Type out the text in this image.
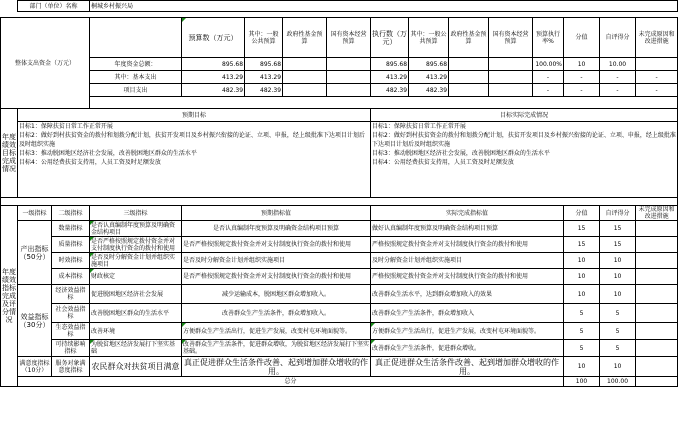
	部门（单位）名称		桐城乡村振兴局												

整体支出资金（万元）				预算数（万元）	其中：一般公共预算	政府性基金预算	国有资本经营预算	执行数（万元）	其中：一般公共预算	政府性基金预算	国有资本经营预算	预算执行率%	分值	自评得分	未完成原因和改进措施
			年度资金总额：	895.68	895.68			895.68	895.68			100.00%	10	10.00	
			其中：基本支出	413.29	413.29			413.29	413.29			-	-	-	-
			项目支出	482.39	482.39			482.39	482.39			-	-	-	-

年度绩效目标完成情况	预期目标							目标实际完成情况							
	目标1：保障扶贫日常工作正常开展
目标2：做好到村扶贫资金的拨付和划拨分配计划，扶贫开发项目及乡村振兴衔接的论证、立项、申报，经上级批准下达项目计划后及时组织实施
目标3：推动脱困地区经济社会发展，改善脱困地区群众的生活水平
目标4：公用经费扶贫支持用，人员工资及时足额发放							目标1：保障扶贫日常工作正常开展
目标2：做好到村扶贫资金的拨付和划拨分配计划，扶贫开发项目及乡村振兴衔接的论证、立项、申报，经上级批准下达项目计划后及时组织实施
目标3：推动脱困地区经济社会发展，改善脱困地区群众的生活水平
目标4：公用经费扶贫支持用，人员工资及时足额发放							

年度绩效指标完成及评分情况	一级指标	二级指标	三级指标	预期指标值				实际完成指标值					分值	自评得分	未完成原因和改进措施
	产出指标（50分）	数量指标	是否认真编制年度预算及明确资金结构项目	是否认真编制年度预算及明确资金结构项目预算				做好认真编制年度预算及明确资金结构项目预算					15	15	
		质量指标	是否严格按照规定拨付资金并对支付制度执行资金的拨付和使用	是否严格按照规定拨付资金并对支付制度执行资金的拨付和使用				严格按照规定拨付资金并对支付制度执行资金的拨付和使用					15	15	
		时效指标	是否及时分解资金计划并组织实施项目	是否及时分解资金计划并组织实施项目				及时分解资金计划并组织实施项目					10	10	
		成本指标	财政核定	是否严格按照规定拨付资金并对支付制度执行资金的拨付和使用				严格按照规定拨付资金并对支付制度执行资金的拨付和使用					10	10	
	效益指标（30分）	经济效益指标	促进脱困地区经济社会发展	减少运输成本，脱困地区群众增加收入。				改善群众生活水平，达到群众增加收入的效果					10	10	
		社会效益指标	改善脱困地区群众的生活水平	改善群众生产生活条件，群众增加收入。				改善群众生产生活条件，群众增加收入					5	5	
		生态效益指标	改善环境	方便群众生产生活出行，促进生产发展，改变村屯环境面貌等。				方便群众生产生活出行，促进生产发展，改变村屯环境面貌等。					5	5	
		可持续影响指标	为脱贫地区经济发展打下坚实基础	改善群众生产生活条件，促进群众增收，为脱贫地区经济发展打下坚实基础。				改善群众生产生活条件，促进群众增收。					5	5	
	满意度指标（10分）	服务对象满意度指标	农民群众对扶贫项目满意	真正促进群众生活条件改善、起到增加群众增收的作用。				真正促进群众生活条件改善、起到增加群众增收的作用。					10	10	
	总分												100	100.00	
